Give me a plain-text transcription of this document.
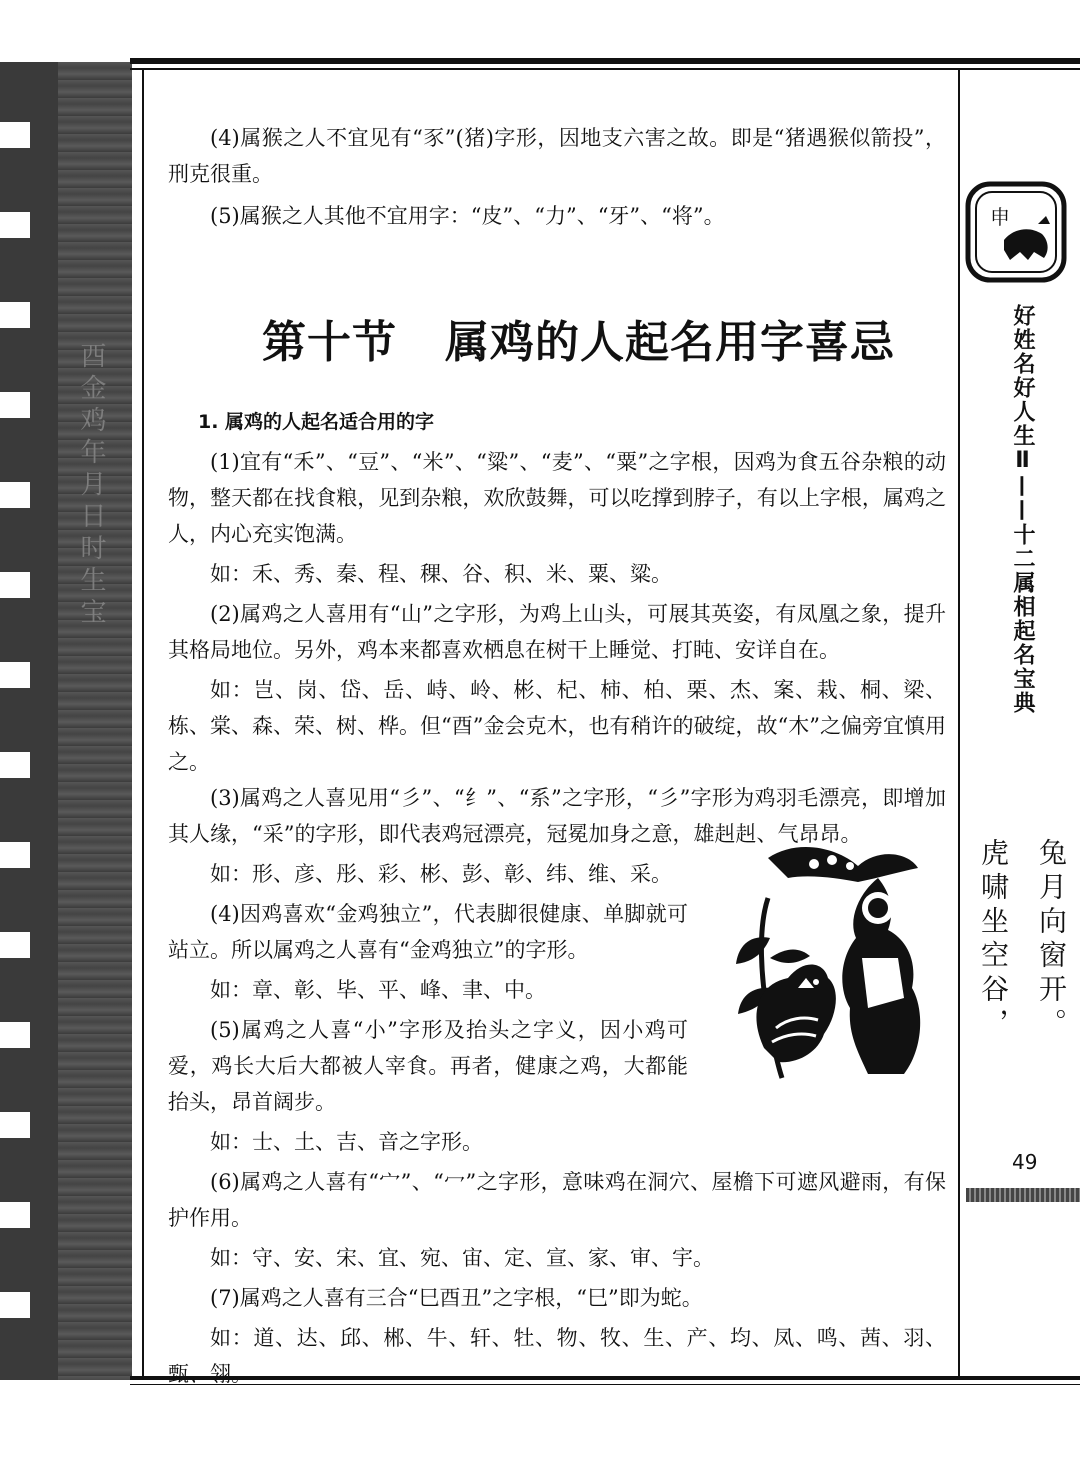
酉金鸡年月日时生宝

(4)属猴之人不宜见有“豕”(猪)字形，因地支六害之故。即是“猪遇猴似箭投”，刑克很重。

(5)属猴之人其他不宜用字：“皮”、“力”、“牙”、“将”。

第十节 属鸡的人起名用字喜忌

1. 属鸡的人起名适合用的字

(1)宜有“禾”、“豆”、“米”、“粱”、“麦”、“粟”之字根，因鸡为食五谷杂粮的动物，整天都在找食粮，见到杂粮，欢欣鼓舞，可以吃撑到脖子，有以上字根，属鸡之人，内心充实饱满。

如：禾、秀、秦、程、稞、谷、积、米、粟、粱。

(2)属鸡之人喜用有“山”之字形，为鸡上山头，可展其英姿，有凤凰之象，提升其格局地位。另外，鸡本来都喜欢栖息在树干上睡觉、打盹、安详自在。

如：岂、岗、岱、岳、峙、岭、彬、杞、柿、柏、栗、杰、案、栽、桐、梁、栋、棠、森、荣、树、桦。但“酉”金会克木，也有稍许的破绽，故“木”之偏旁宜慎用之。

(3)属鸡之人喜见用“彡”、“纟”、“系”之字形，“彡”字形为鸡羽毛漂亮，即增加其人缘，“采”的字形，即代表鸡冠漂亮，冠冕加身之意，雄赳赳、气昂昂。

如：形、彦、彤、彩、彬、彭、彰、纬、维、采。

(4)因鸡喜欢“金鸡独立”，代表脚很健康、单脚就可站立。所以属鸡之人喜有“金鸡独立”的字形。

如：章、彰、毕、平、峰、聿、中。

(5)属鸡之人喜“小”字形及抬头之字义，因小鸡可爱，鸡长大后大都被人宰食。再者，健康之鸡，大都能抬头，昂首阔步。

如：士、土、吉、音之字形。

(6)属鸡之人喜有“宀”、“冖”之字形，意味鸡在洞穴、屋檐下可遮风避雨，有保护作用。

如：守、安、宋、宜、宛、宙、定、宣、家、审、宇。

(7)属鸡之人喜有三合“巳酉丑”之字根，“巳”即为蛇。

如：道、达、邱、郴、牛、轩、牡、物、牧、生、产、均、凤、鸣、茜、羽、甄、翎。

申
好姓名好人生Ⅱ——十二属相起名宝典
兔月向窗开。
虎啸坐空谷，
49
